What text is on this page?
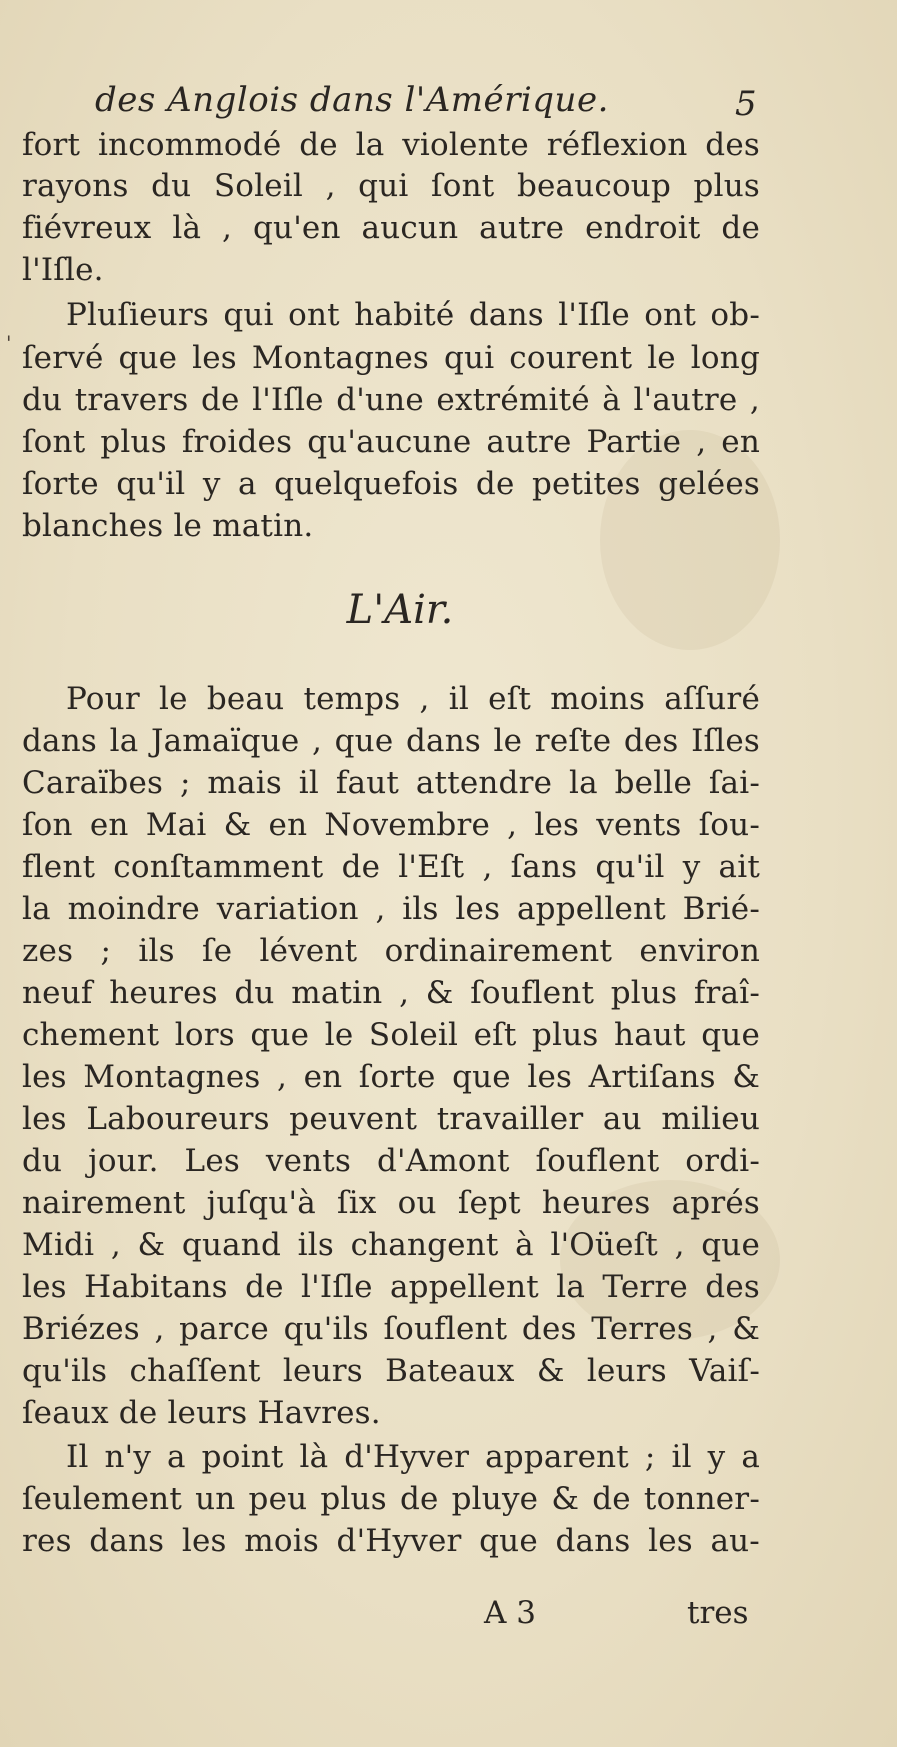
des Anglois dans l'Amérique.	5
'
fort incommodé de la violente réflexion des
rayons du Soleil , qui ſont beaucoup plus
fiévreux là , qu'en aucun autre endroit de
l'Iſle.
Pluſieurs qui ont habité dans l'Iſle ont ob-
ſervé que les Montagnes qui courent le long
du travers de l'Iſle d'une extrémité à l'autre ,
ſont plus froides qu'aucune autre Partie , en
ſorte qu'il y a quelquefois de petites gelées
blanches le matin.
L'Air.
Pour le beau temps , il eſt moins aſſuré
dans la Jamaïque , que dans le reſte des Iſles
Caraïbes ; mais il faut attendre la belle ſai-
ſon en Mai & en Novembre , les vents ſou-
flent conſtamment de l'Eſt , ſans qu'il y ait
la moindre variation , ils les appellent Brié-
zes ; ils ſe lévent ordinairement environ
neuf heures du matin , & ſouflent plus fraî-
chement lors que le Soleil eſt plus haut que
les Montagnes , en ſorte que les Artiſans &
les Laboureurs peuvent travailler au milieu
du jour. Les vents d'Amont ſouflent ordi-
nairement juſqu'à ſix ou ſept heures aprés
Midi , & quand ils changent à l'Oüeſt , que
les Habitans de l'Iſle appellent la Terre des
Briézes , parce qu'ils ſouflent des Terres , &
qu'ils chaſſent leurs Bateaux & leurs Vaiſ-
ſeaux de leurs Havres.
Il n'y a point là d'Hyver apparent ; il y a
ſeulement un peu plus de pluye & de tonner-
res dans les mois d'Hyver que dans les au-
A 3	tres
